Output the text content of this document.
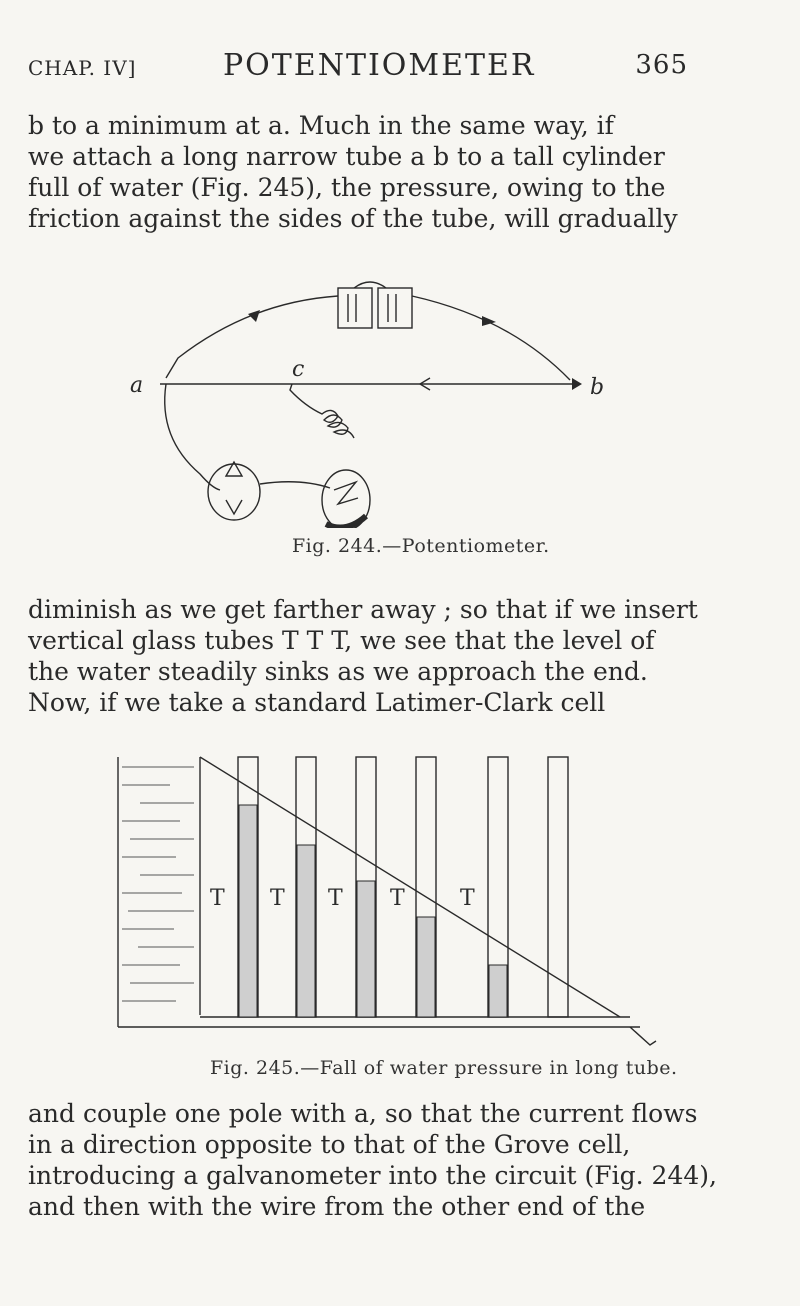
CHAP. IV]	POTENTIOMETER	365

b to a minimum at a. Much in the same way, if
we attach a long narrow tube a b to a tall cylinder
full of water (Fig. 245), the pressure, owing to the
friction against the sides of the tube, will gradually

a	b
c
Fig. 244.—Potentiometer.

diminish as we get farther away ; so that if we insert
vertical glass tubes T T T, we see that the level of
the water steadily sinks as we approach the end.
Now, if we take a standard Latimer-Clark cell

T T T T	T
Fig. 245.—Fall of water pressure in long tube.

and couple one pole with a, so that the current flows
in a direction opposite to that of the Grove cell,
introducing a galvanometer into the circuit (Fig. 244),
and then with the wire from the other end of the
